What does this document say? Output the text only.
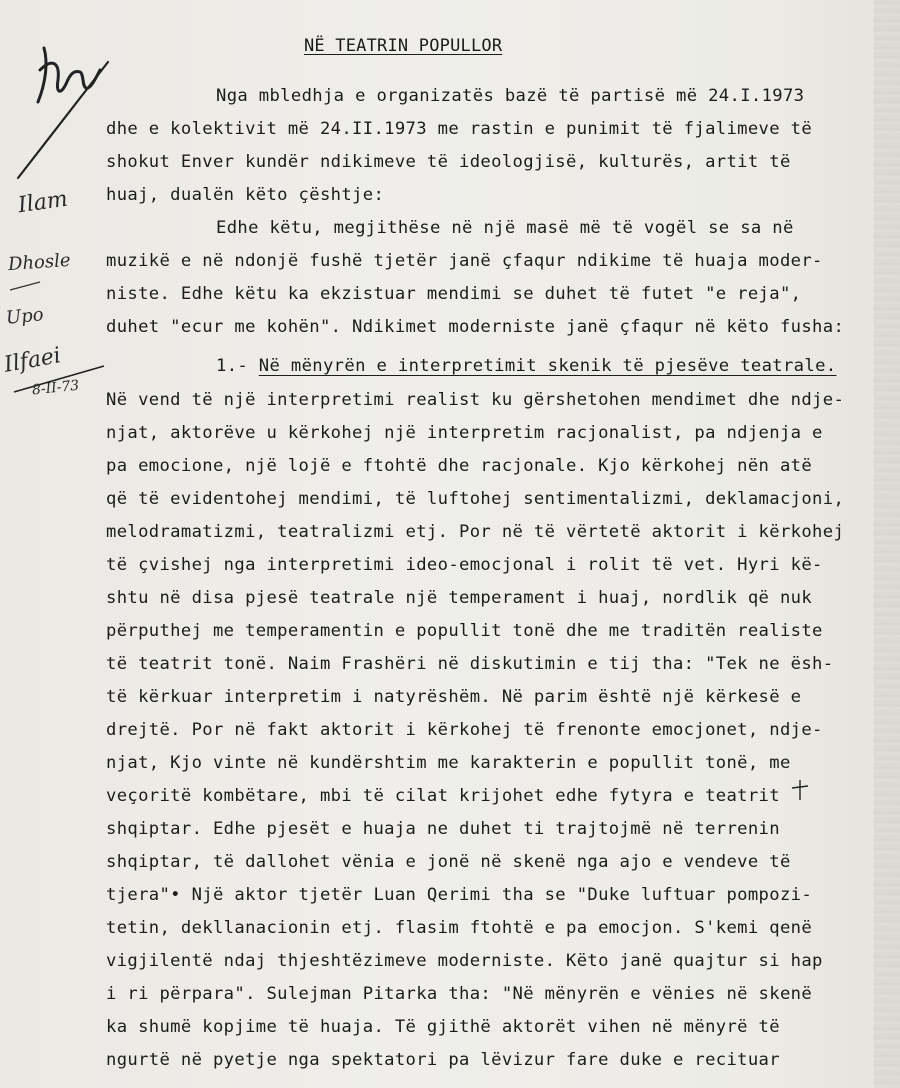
NË TEATRIN POPULLOR
Nga mbledhja e organizatës bazë të partisë më 24.I.1973
dhe e kolektivit më 24.II.1973 me rastin e punimit të fjalimeve të
shokut Enver kundër ndikimeve të ideologjisë, kulturës, artit të
huaj, dualën këto çështje:
Edhe këtu, megjithëse në një masë më të vogël se sa në
muzikë e në ndonjë fushë tjetër janë çfaqur ndikime të huaja moder-
niste. Edhe këtu ka ekzistuar mendimi se duhet të futet "e reja",
duhet "ecur me kohën". Ndikimet moderniste janë çfaqur në këto fusha:
1.- Në mënyrën e interpretimit skenik të pjesëve teatrale.
Në vend të një interpretimi realist ku gërshetohen mendimet dhe ndje-
njat, aktorëve u kërkohej një interpretim racjonalist, pa ndjenja e
pa emocione, një lojë e ftohtë dhe racjonale. Kjo kërkohej nën atë
që të evidentohej mendimi, të luftohej sentimentalizmi, deklamacjoni,
melodramatizmi, teatralizmi etj. Por në të vërtetë aktorit i kërkohej
të çvishej nga interpretimi ideo-emocjonal i rolit të vet. Hyri kë-
shtu në disa pjesë teatrale një temperament i huaj, nordlik që nuk
përputhej me temperamentin e popullit tonë dhe me traditën realiste
të teatrit tonë. Naim Frashëri në diskutimin e tij tha: "Tek ne ësh-
të kërkuar interpretim i natyrëshëm. Në parim është një kërkesë e
drejtë. Por në fakt aktorit i kërkohej të frenonte emocjonet, ndje-
njat, Kjo vinte në kundërshtim me karakterin e popullit tonë, me
veçoritë kombëtare, mbi të cilat krijohet edhe fytyra e teatrit
shqiptar. Edhe pjesët e huaja ne duhet ti trajtojmë në terrenin
shqiptar, të dallohet vënia e jonë në skenë nga ajo e vendeve të
tjera"• Një aktor tjetër Luan Qerimi tha se "Duke luftuar pompozi-
tetin, dekllanacionin etj. flasim ftohtë e pa emocjon. S'kemi qenë
vigjilentë ndaj thjeshtëzimeve moderniste. Këto janë quajtur si hap
i ri përpara". Sulejman Pitarka tha: "Në mënyrën e vënies në skenë
ka shumë kopjime të huaja. Të gjithë aktorët vihen në mënyrë të
ngurtë në pyetje nga spektatori pa lëvizur fare duke e recituar
Ilam
Dhosle
Upo
Ilfaei
8-II-73
